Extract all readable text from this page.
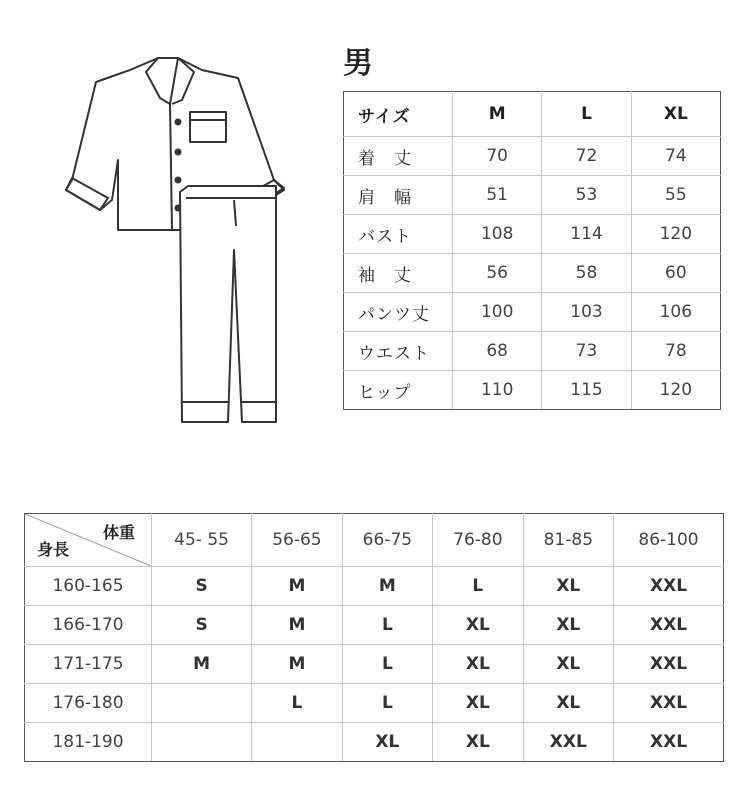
男
サイズ	M	L	XL
着　丈	70	72	74
肩　幅	51	53	55
バスト	108	114	120
袖　丈	56	58	60
パンツ丈	100	103	106
ウエスト	68	73	78
ヒップ	110	115	120
体重
身長	45- 55	56-65	66-75	76-80	81-85	86-100
160-165	S	M	M	L	XL	XXL
166-170	S	M	L	XL	XL	XXL
171-175	M	M	L	XL	XL	XXL
176-180		L	L	XL	XL	XXL
181-190			XL	XL	XXL	XXL
